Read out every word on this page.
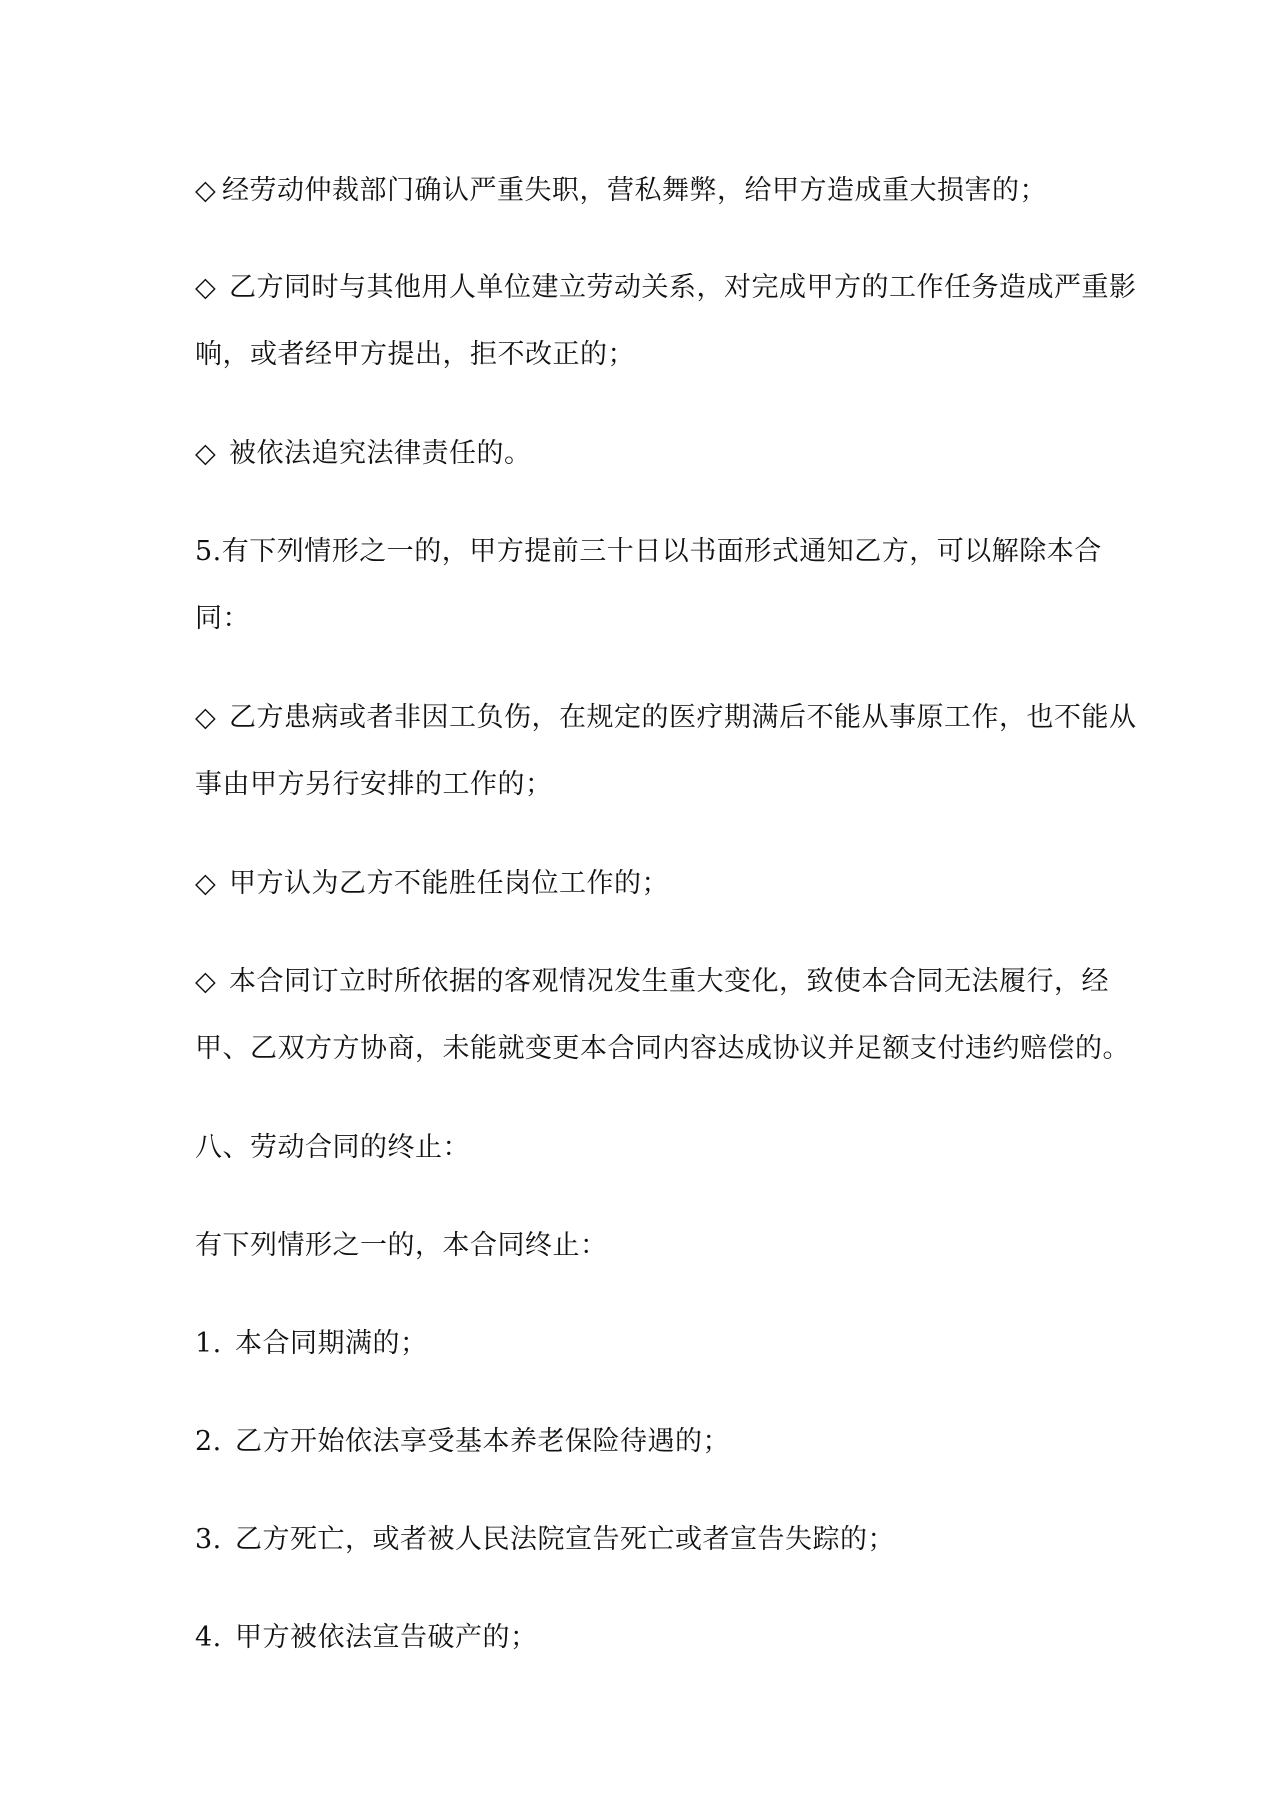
◇ 经劳动仲裁部门确认严重失职，营私舞弊，给甲方造成重大损害的；
◇ 乙方同时与其他用人单位建立劳动关系，对完成甲方的工作任务造成严重影
响，或者经甲方提出，拒不改正的；
◇ 被依法追究法律责任的。
5.有下列情形之一的，甲方提前三十日以书面形式通知乙方，可以解除本合
同：
◇ 乙方患病或者非因工负伤，在规定的医疗期满后不能从事原工作，也不能从
事由甲方另行安排的工作的；
◇ 甲方认为乙方不能胜任岗位工作的；
◇ 本合同订立时所依据的客观情况发生重大变化，致使本合同无法履行，经
甲、乙双方方协商，未能就变更本合同内容达成协议并足额支付违约赔偿的。
八、劳动合同的终止：
有下列情形之一的，本合同终止：
1. 本合同期满的；
2. 乙方开始依法享受基本养老保险待遇的；
3. 乙方死亡，或者被人民法院宣告死亡或者宣告失踪的；
4. 甲方被依法宣告破产的；
